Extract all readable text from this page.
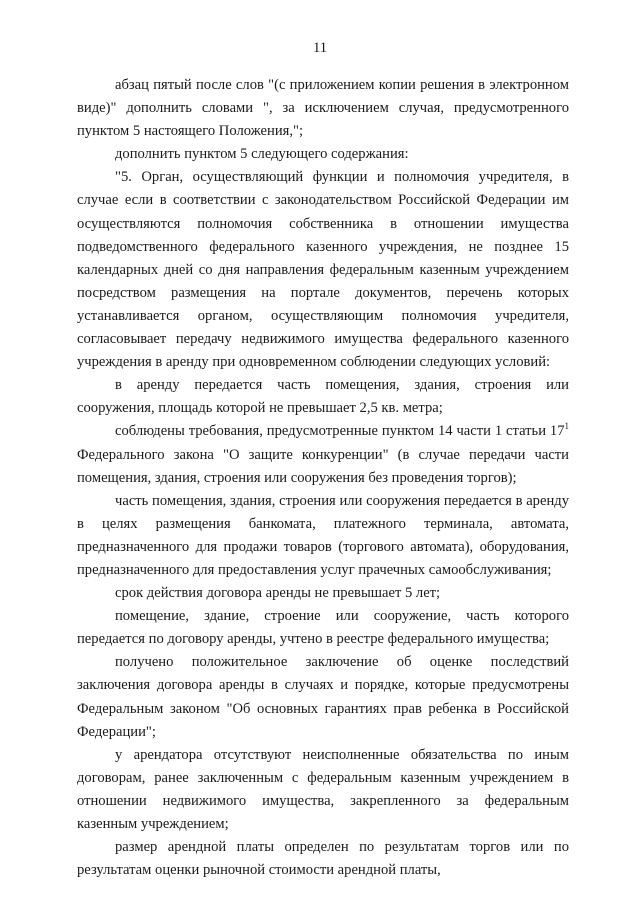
11

абзац пятый после слов "(с приложением копии решения в электронном виде)" дополнить словами ", за исключением случая, предусмотренного пунктом 5 настоящего Положения,";

дополнить пунктом 5 следующего содержания:

"5. Орган, осуществляющий функции и полномочия учредителя, в случае если в соответствии с законодательством Российской Федерации им осуществляются полномочия собственника в отношении имущества подведомственного федерального казенного учреждения, не позднее 15 календарных дней со дня направления федеральным казенным учреждением посредством размещения на портале документов, перечень которых устанавливается органом, осуществляющим полномочия учредителя, согласовывает передачу недвижимого имущества федерального казенного учреждения в аренду при одновременном соблюдении следующих условий:

в аренду передается часть помещения, здания, строения или сооружения, площадь которой не превышает 2,5 кв. метра;

соблюдены требования, предусмотренные пунктом 14 части 1 статьи $17^1$ Федерального закона "О защите конкуренции" (в случае передачи части помещения, здания, строения или сооружения без проведения торгов);

часть помещения, здания, строения или сооружения передается в аренду в целях размещения банкомата, платежного терминала, автомата, предназначенного для продажи товаров (торгового автомата), оборудования, предназначенного для предоставления услуг прачечных самообслуживания;

срок действия договора аренды не превышает 5 лет;

помещение, здание, строение или сооружение, часть которого передается по договору аренды, учтено в реестре федерального имущества;

получено положительное заключение об оценке последствий заключения договора аренды в случаях и порядке, которые предусмотрены Федеральным законом "Об основных гарантиях прав ребенка в Российской Федерации";

у арендатора отсутствуют неисполненные обязательства по иным договорам, ранее заключенным с федеральным казенным учреждением в отношении недвижимого имущества, закрепленного за федеральным казенным учреждением;

размер арендной платы определен по результатам торгов или по результатам оценки рыночной стоимости арендной платы,
